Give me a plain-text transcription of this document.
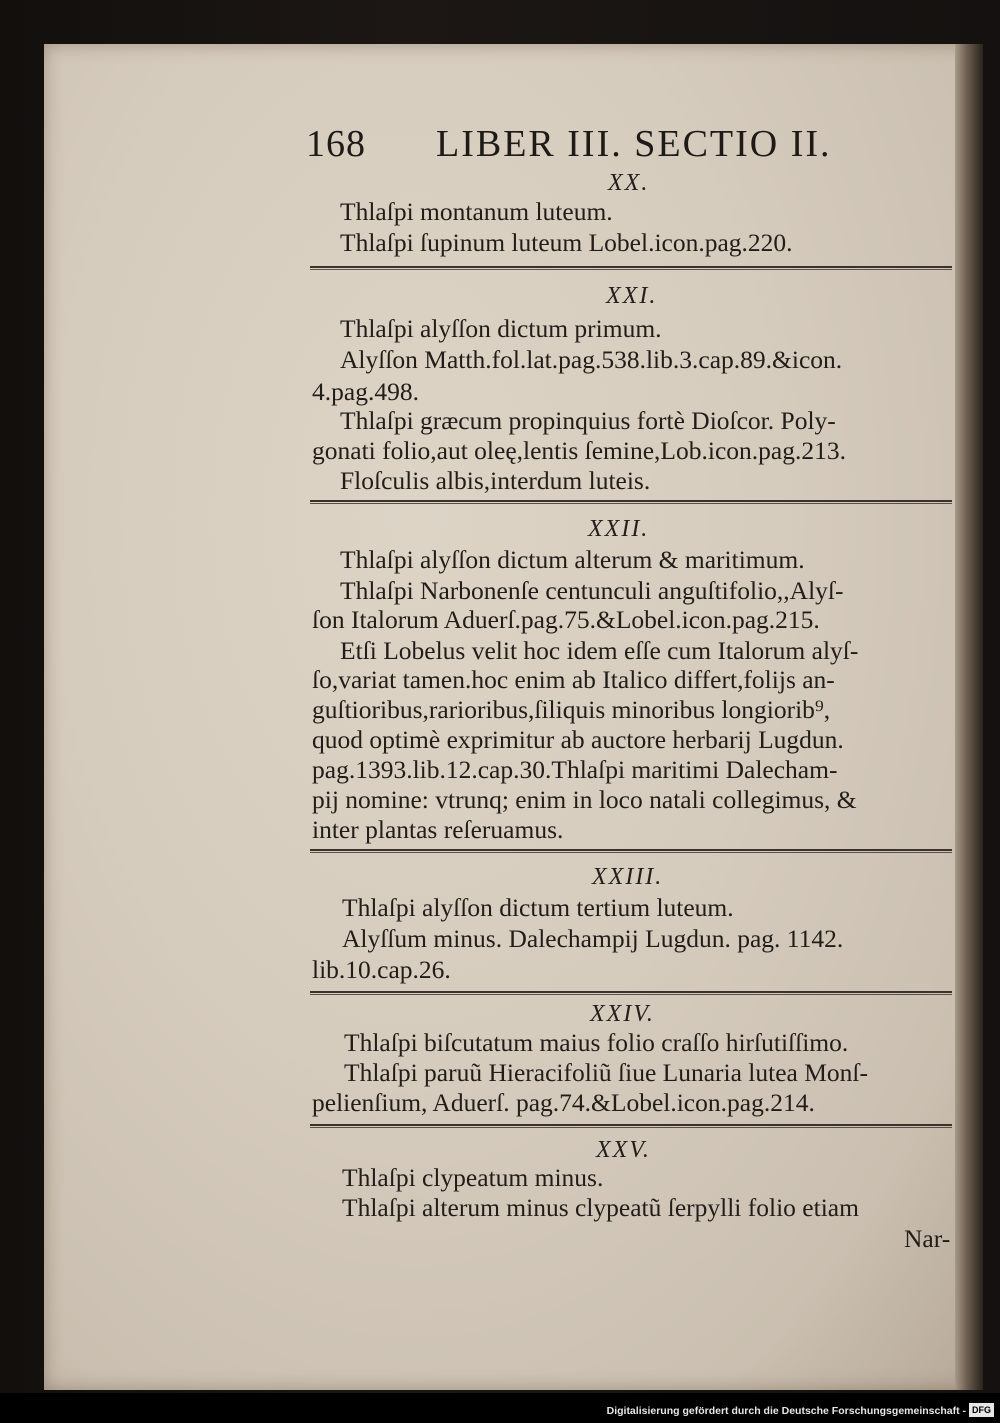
168 LIBER III. SECTIO II.
XX.
Thlaſpi montanum luteum.
Thlaſpi ſupinum luteum Lobel.icon.pag.220.
XXI.
Thlaſpi alyſſon dictum primum.
Alyſſon Matth.fol.lat.pag.538.lib.3.cap.89.&icon.
4.pag.498.
Thlaſpi græcum propinquius fortè Dioſcor. Poly-
gonati folio,aut oleę,lentis ſemine,Lob.icon.pag.213.
Floſculis albis,interdum luteis.
XXII.
Thlaſpi alyſſon dictum alterum & maritimum.
Thlaſpi Narbonenſe centunculi anguſtifolio,,Alyſ-
ſon Italorum Aduerſ.pag.75.&Lobel.icon.pag.215.
Etſi Lobelus velit hoc idem eſſe cum Italorum alyſ-
ſo,variat tamen.hoc enim ab Italico differt,folijs an-
guſtioribus,rarioribus,ſiliquis minoribus longiorib⁹,
quod optimè exprimitur ab auctore herbarij Lugdun.
pag.1393.lib.12.cap.30.Thlaſpi maritimi Dalecham-
pij nomine: vtrunq; enim in loco natali collegimus, &
inter plantas reſeruamus.
XXIII.
Thlaſpi alyſſon dictum tertium luteum.
Alyſſum minus. Dalechampij Lugdun. pag. 1142.
lib.10.cap.26.
XXIV.
Thlaſpi biſcutatum maius folio craſſo hirſutiſſimo.
Thlaſpi paruũ Hieracifoliũ ſiue Lunaria lutea Monſ-
pelienſium, Aduerſ. pag.74.&Lobel.icon.pag.214.
XXV.
Thlaſpi clypeatum minus.
Thlaſpi alterum minus clypeatũ ſerpylli folio etiam
Nar-
Digitalisierung gefördert durch die Deutsche Forschungsgemeinschaft - DFG
